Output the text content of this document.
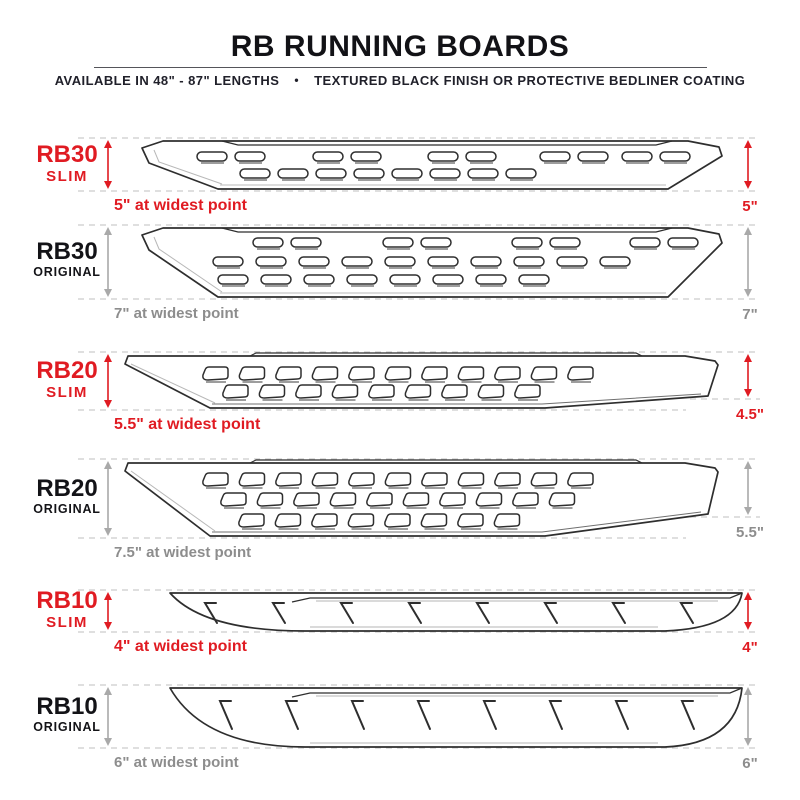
RB RUNNING BOARDS
AVAILABLE IN 48" - 87" LENGTHS • TEXTURED BLACK FINISH OR PROTECTIVE BEDLINER COATING
RB30
SLIM
5" at widest point	5"
RB30
ORIGINAL
7" at widest point	7"
RB20
SLIM
5.5" at widest point
4.5"
RB20
ORIGINAL
7.5" at widest point
5.5"
RB10
SLIM
4" at widest point	4"
RB10
ORIGINAL
6" at widest point	6"
